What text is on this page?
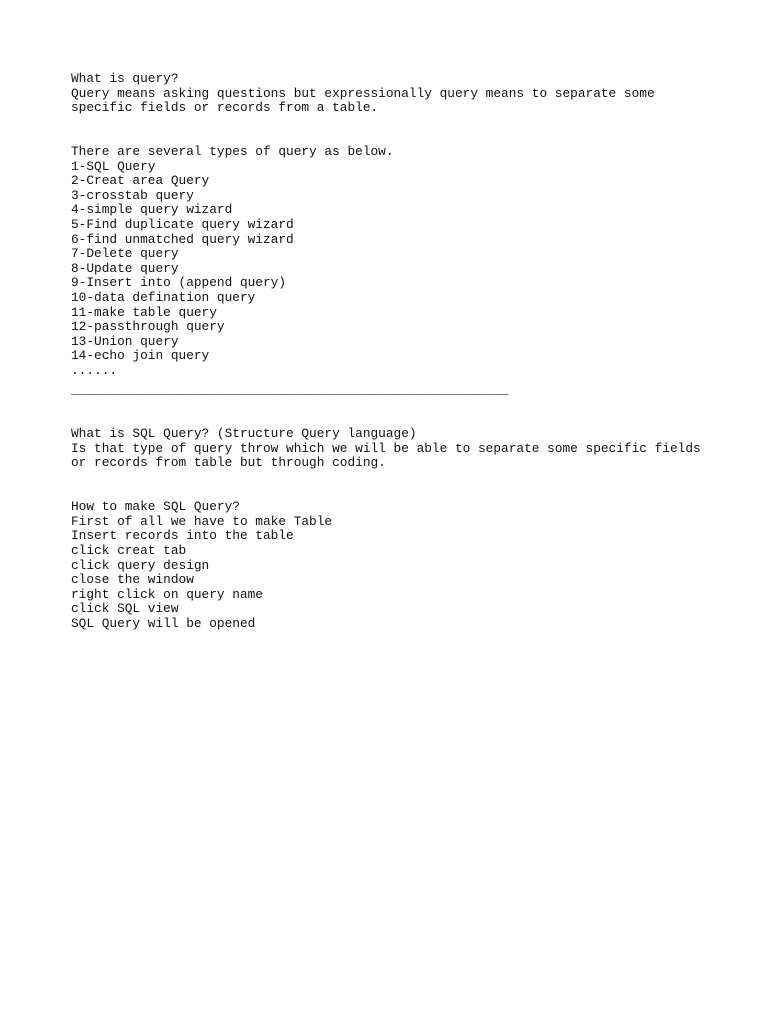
What is query?
Query means asking questions but expressionally query means to separate some
specific fields or records from a table.
There are several types of query as below.
1-SQL Query
2-Creat area Query
3-crosstab query
4-simple query wizard
5-Find duplicate query wizard
6-find unmatched query wizard
7-Delete query
8-Update query
9-Insert into (append query)
10-data defination query
11-make table query
12-passthrough query
13-Union query
14-echo join query
......
_________________________________________________________
What is SQL Query? (Structure Query language)
Is that type of query throw which we will be able to separate some specific fields
or records from table but through coding.
How to make SQL Query?
First of all we have to make Table
Insert records into the table
click creat tab
click query design
close the window
right click on query name
click SQL view
SQL Query will be opened
